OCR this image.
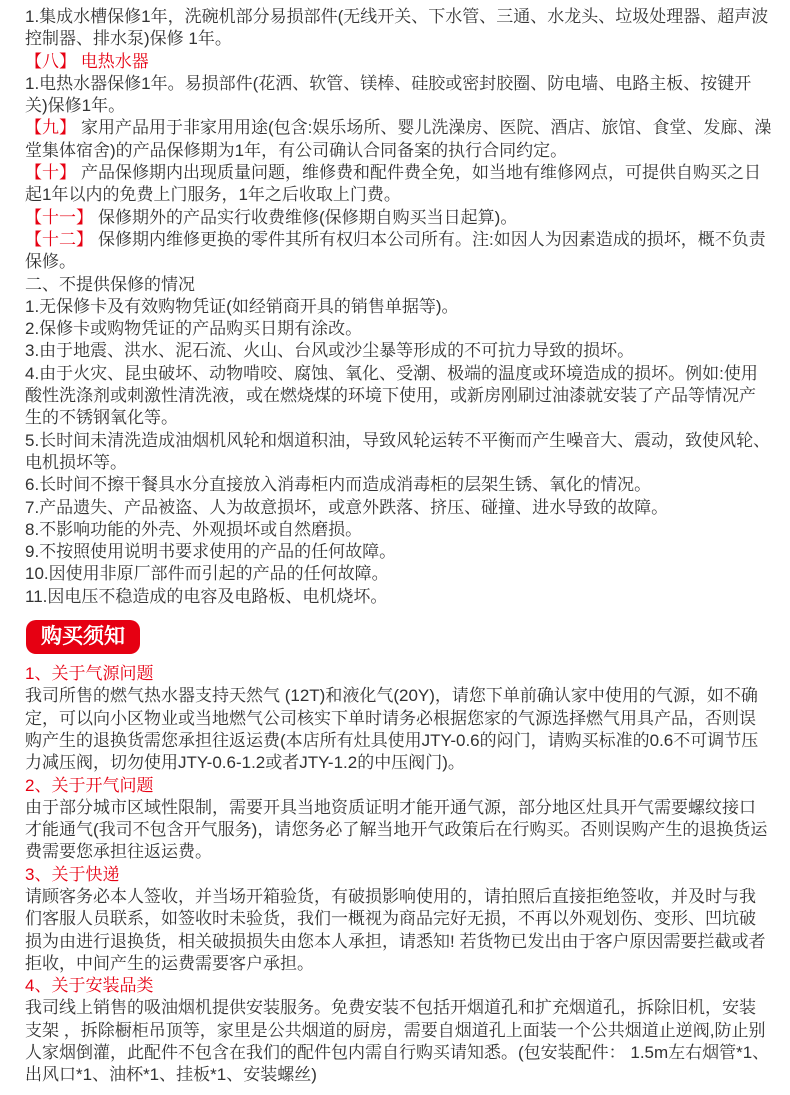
1.集成水槽保修1年，洗碗机部分易损部件(无线开关、下水管、三通、水龙头、垃圾处理器、超声波控制器、排水泵)保修 1年。

【八】 电热水器

1.电热水器保修1年。易损部件(花洒、软管、镁棒、硅胶或密封胶圈、防电墙、电路主板、按键开关)保修1年。

【九】 家用产品用于非家用用途(包含:娱乐场所、婴儿洗澡房、医院、酒店、旅馆、食堂、发廊、澡堂集体宿舍)的产品保修期为1年，有公司确认合同备案的执行合同约定。

【十】 产品保修期内出现质量问题，维修费和配件费全免，如当地有维修网点，可提供自购买之日起1年以内的免费上门服务，1年之后收取上门费。

【十一】 保修期外的产品实行收费维修(保修期自购买当日起算)。

【十二】 保修期内维修更换的零件其所有权归本公司所有。注:如因人为因素造成的损坏，概不负责保修。

二、不提供保修的情况

1.无保修卡及有效购物凭证(如经销商开具的销售单据等)。

2.保修卡或购物凭证的产品购买日期有涂改。

3.由于地震、洪水、泥石流、火山、台风或沙尘暴等形成的不可抗力导致的损坏。

4.由于火灾、昆虫破坏、动物啃咬、腐蚀、氧化、受潮、极端的温度或环境造成的损坏。例如:使用酸性洗涤剂或刺激性清洗液，或在燃烧煤的环境下使用，或新房刚刷过油漆就安装了产品等情况产生的不锈钢氧化等。

5.长时间未清洗造成油烟机风轮和烟道积油，导致风轮运转不平衡而产生噪音大、震动，致使风轮、电机损坏等。

6.长时间不擦干餐具水分直接放入消毒柜内而造成消毒柜的层架生锈、氧化的情况。

7.产品遗失、产品被盗、人为故意损坏，或意外跌落、挤压、碰撞、进水导致的故障。

8.不影响功能的外壳、外观损坏或自然磨损。

9.不按照使用说明书要求使用的产品的任何故障。

10.因使用非原厂部件而引起的产品的任何故障。

11.因电压不稳造成的电容及电路板、电机烧坏。

购买须知

1、关于气源问题

我司所售的燃气热水器支持天然气 (12T)和液化气(20Y)，请您下单前确认家中使用的气源，如不确定，可以向小区物业或当地燃气公司核实下单时请务必根据您家的气源选择燃气用具产品，否则误购产生的退换货需您承担往返运费(本店所有灶具使用JTY-0.6的闷门，请购买标准的0.6不可调节压力减压阀，切勿使用JTY-0.6-1.2或者JTY-1.2的中压阀门)。

2、关于开气问题

由于部分城市区域性限制，需要开具当地资质证明才能开通气源，部分地区灶具开气需要螺纹接口才能通气(我司不包含开气服务)，请您务必了解当地开气政策后在行购买。否则误购产生的退换货运费需要您承担往返运费。

3、关于快递

请顾客务必本人签收，并当场开箱验货，有破损影响使用的，请拍照后直接拒绝签收，并及时与我们客服人员联系，如签收时未验货，我们一概视为商品完好无损，不再以外观划伤、变形、凹坑破损为由进行退换货，相关破损损失由您本人承担，请悉知! 若货物已发出由于客户原因需要拦截或者拒收，中间产生的运费需要客户承担。

4、关于安装品类

我司线上销售的吸油烟机提供安装服务。免费安装不包括开烟道孔和扩充烟道孔，拆除旧机，安装支架 ，拆除橱柜吊顶等，家里是公共烟道的厨房，需要自烟道孔上面装一个公共烟道止逆阀,防止别人家烟倒灌，此配件不包含在我们的配件包内需自行购买请知悉。(包安装配件： 1.5m左右烟管*1、出风口*1、油杯*1、挂板*1、安装螺丝)
